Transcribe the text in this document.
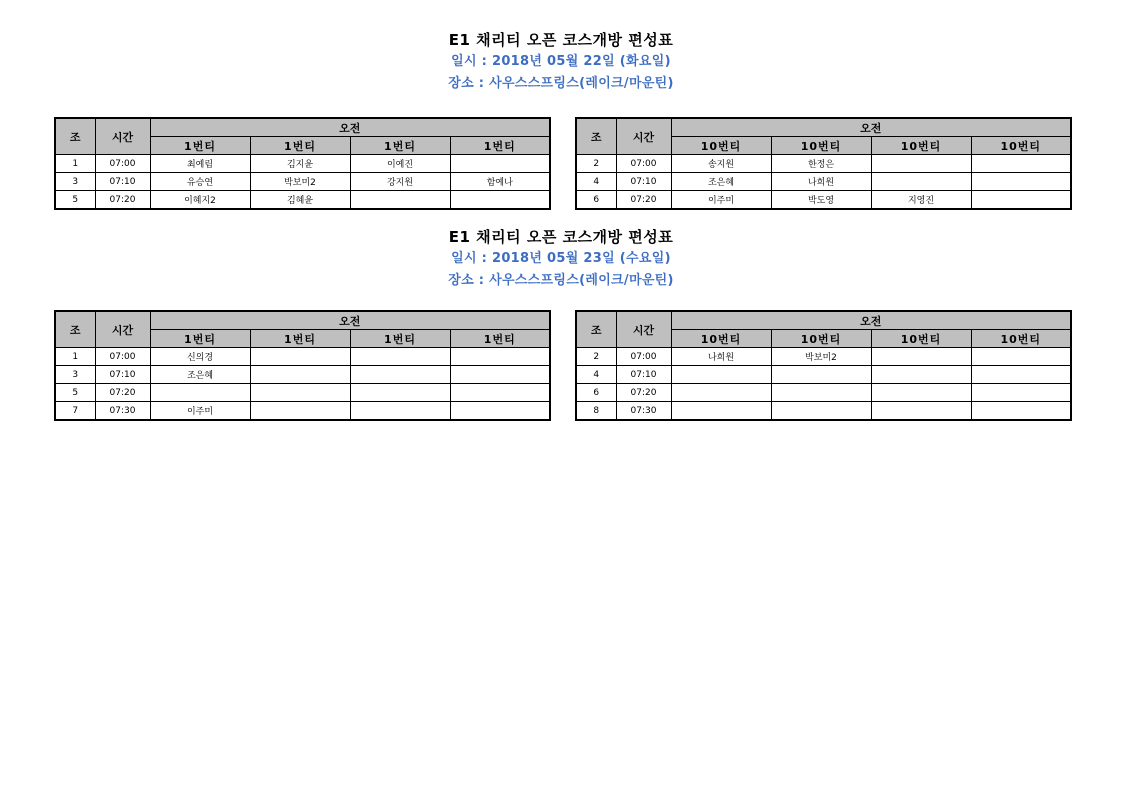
E1 채리티 오픈 코스개방 편성표
일시 : 2018년 05월 22일 (화요일)
장소 : 사우스스프링스(레이크/마운틴)
조	시간	오전			
		1번티	1번티	1번티	1번티
1	07:00	최예림	김지윤	이예진	
3	07:10	유승연	박보미2	강지원	함예나
5	07:20	이혜지2	김혜윤		
조	시간	오전			
		10번티	10번티	10번티	10번티
2	07:00	송지원	한정은		
4	07:10	조은혜	나희원		
6	07:20	이주미	박도영	지영진	
E1 채리티 오픈 코스개방 편성표
일시 : 2018년 05월 23일 (수요일)
장소 : 사우스스프링스(레이크/마운틴)
조	시간	오전			
		1번티	1번티	1번티	1번티
1	07:00	신의경			
3	07:10	조은혜			
5	07:20				
7	07:30	이주미			
조	시간	오전			
		10번티	10번티	10번티	10번티
2	07:00	나희원	박보미2		
4	07:10				
6	07:20				
8	07:30				
